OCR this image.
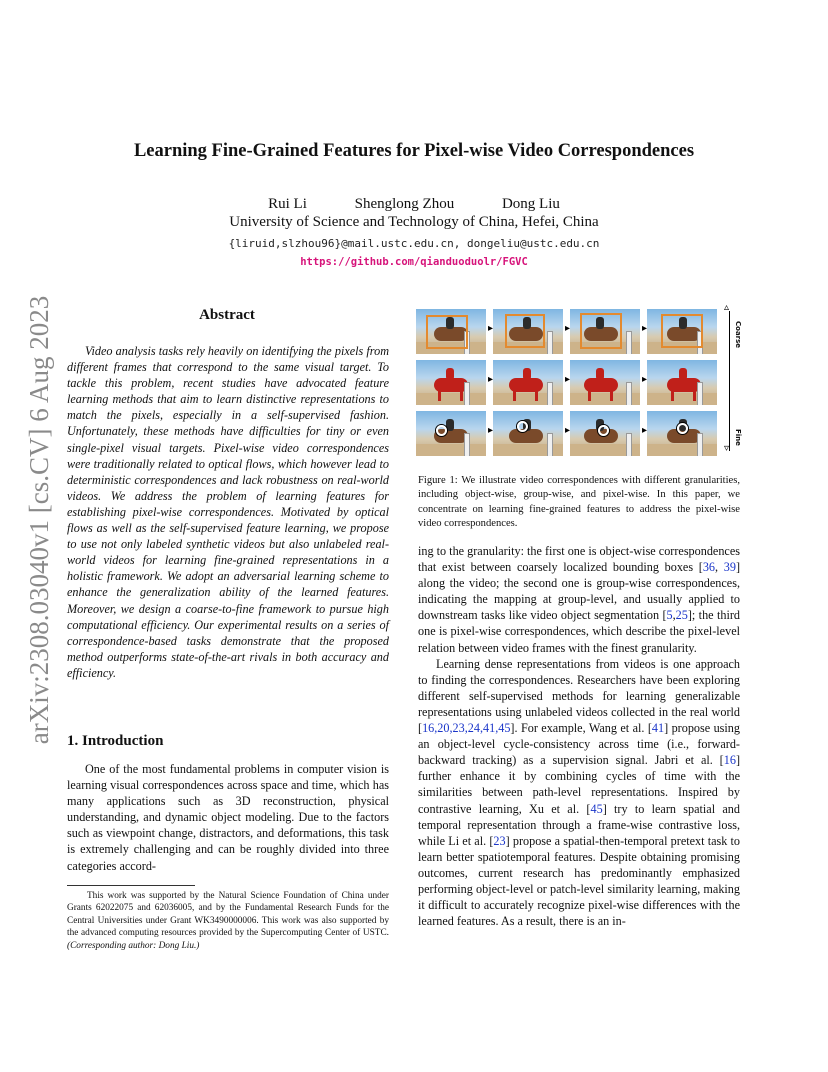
Learning Fine-Grained Features for Pixel-wise Video Correspondences
Rui Li	Shenglong Zhou	Dong Liu
University of Science and Technology of China, Hefei, China
{liruid,slzhou96}@mail.ustc.edu.cn, dongeliu@ustc.edu.cn
https://github.com/qianduoduolr/FGVC
arXiv:2308.03040v1 [cs.CV] 6 Aug 2023	Abstract
Video analysis tasks rely heavily on identifying the pixels from different frames that correspond to the same visual target. To tackle this problem, recent studies have advocated feature learning methods that aim to learn distinctive representations to match the pixels, especially in a self-supervised fashion. Unfortunately, these methods have difficulties for tiny or even single-pixel visual targets. Pixel-wise video correspondences were traditionally related to optical flows, which however lead to deterministic correspondences and lack robustness on real-world videos. We address the problem of learning features for establishing pixel-wise correspondences. Motivated by optical flows as well as the self-supervised feature learning, we propose to use not only labeled synthetic videos but also unlabeled real-world videos for learning fine-grained representations in a holistic framework. We adopt an adversarial learning scheme to enhance the generalization ability of the learned features. Moreover, we design a coarse-to-fine framework to pursue high computational efficiency. Our experimental results on a series of correspondence-based tasks demonstrate that the proposed method outperforms state-of-the-art rivals in both accuracy and efficiency.
1. Introduction
One of the most fundamental problems in computer vision is learning visual correspondences across space and time, which has many applications such as 3D reconstruction, physical understanding, and dynamic object modeling. Due to the factors such as viewpoint change, distractors, and deformations, this task is extremely challenging and can be roughly divided into three categories accord-
This work was supported by the Natural Science Foundation of China under Grants 62022075 and 62036005, and by the Fundamental Research Funds for the Central Universities under Grant WK3490000006. This work was also supported by the advanced computing resources provided by the Supercomputing Center of USTC. (Corresponding author: Dong Liu.)
▸	▸	▸
▸	▸	▸
▸	▸	▸
▵
▿
Coarse
Fine
Figure 1: We illustrate video correspondences with different granularities, including object-wise, group-wise, and pixel-wise. In this paper, we concentrate on learning fine-grained features to address the pixel-wise video correspondences.

ing to the granularity: the first one is object-wise correspondences that exist between coarsely localized bounding boxes [36, 39] along the video; the second one is group-wise correspondences, indicating the mapping at group-level, and usually applied to downstream tasks like video object segmentation [5,25]; the third one is pixel-wise correspondences, which describe the pixel-level relation between video frames with the finest granularity.

Learning dense representations from videos is one approach to finding the correspondences. Researchers have been exploring different self-supervised methods for learning generalizable representations using unlabeled videos collected in the real world [16,20,23,24,41,45]. For example, Wang et al. [41] propose using an object-level cycle-consistency across time (i.e., forward-backward tracking) as a supervision signal. Jabri et al. [16] further enhance it by combining cycles of time with the similarities between path-level representations. Inspired by contrastive learning, Xu et al. [45] try to learn spatial and temporal representation through a frame-wise contrastive loss, while Li et al. [23] propose a spatial-then-temporal pretext task to learn better spatiotemporal features. Despite obtaining promising outcomes, current research has predominantly emphasized performing object-level or patch-level similarity learning, making it difficult to accurately recognize pixel-wise differences with the learned features. As a result, there is an in-
